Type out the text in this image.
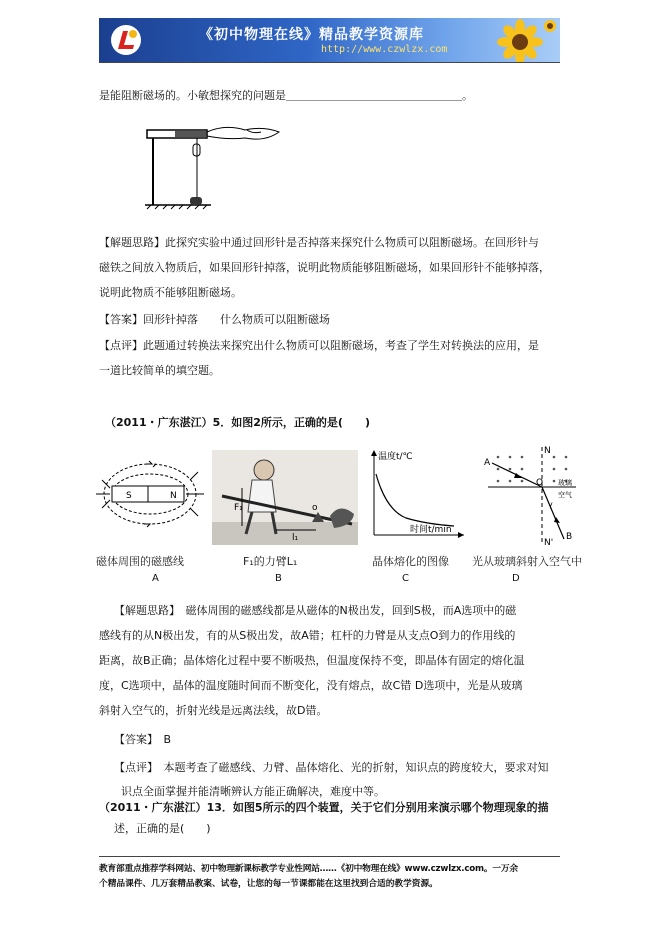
《初中物理在线》精品教学资源库
http://www.czwlzx.com
是能阻断磁场的。小敏想探究的问题是＿＿＿＿＿＿＿＿＿＿＿＿＿＿＿＿。
【解题思路】此探究实验中通过回形针是否掉落来探究什么物质可以阻断磁场。在回形针与
磁铁之间放入物质后，如果回形针掉落，说明此物质能够阻断磁场，如果回形针不能够掉落，
说明此物质不能够阻断磁场。
【答案】回形针掉落　　什么物质可以阻断磁场
【点评】此题通过转换法来探究出什么物质可以阻断磁场，考查了学生对转换法的应用，是
一道比较简单的填空题。
（2011・广东湛江）5．如图2所示，正确的是(　　)
S	N
磁体周围的磁感线
A
F₁
l₁
o
F₁的力臂L₁
B
温度t/℃
时间t/min
晶体熔化的图像
C
N
A
O
B
N'
玻璃
空气
γ
光从玻璃斜射入空气中
D
【解题思路】　磁体周围的磁感线都是从磁体的N极出发，回到S极，而A选项中的磁
感线有的从N极出发，有的从S极出发，故A错；杠杆的力臂是从支点O到力的作用线的
距离，故B正确；晶体熔化过程中要不断吸热，但温度保持不变，即晶体有固定的熔化温
度，C选项中，晶体的温度随时间而不断变化，没有熔点，故C错 D选项中，光是从玻璃
斜射入空气的，折射光线是远离法线，故D错。
【答案】　B
【点评】　本题考查了磁感线、力臂、晶体熔化、光的折射，知识点的跨度较大，要求对知
识点全面掌握并能清晰辨认方能正确解决，难度中等。
（2011・广东湛江）13．如图5所示的四个装置，关于它们分别用来演示哪个物理现象的描
述，正确的是(　　)
教育部重点推荐学科网站、初中物理新课标教学专业性网站……《初中物理在线》www.czwlzx.com。一万余
个精品课件、几万套精品教案、试卷，让您的每一节课都能在这里找到合适的教学资源。
